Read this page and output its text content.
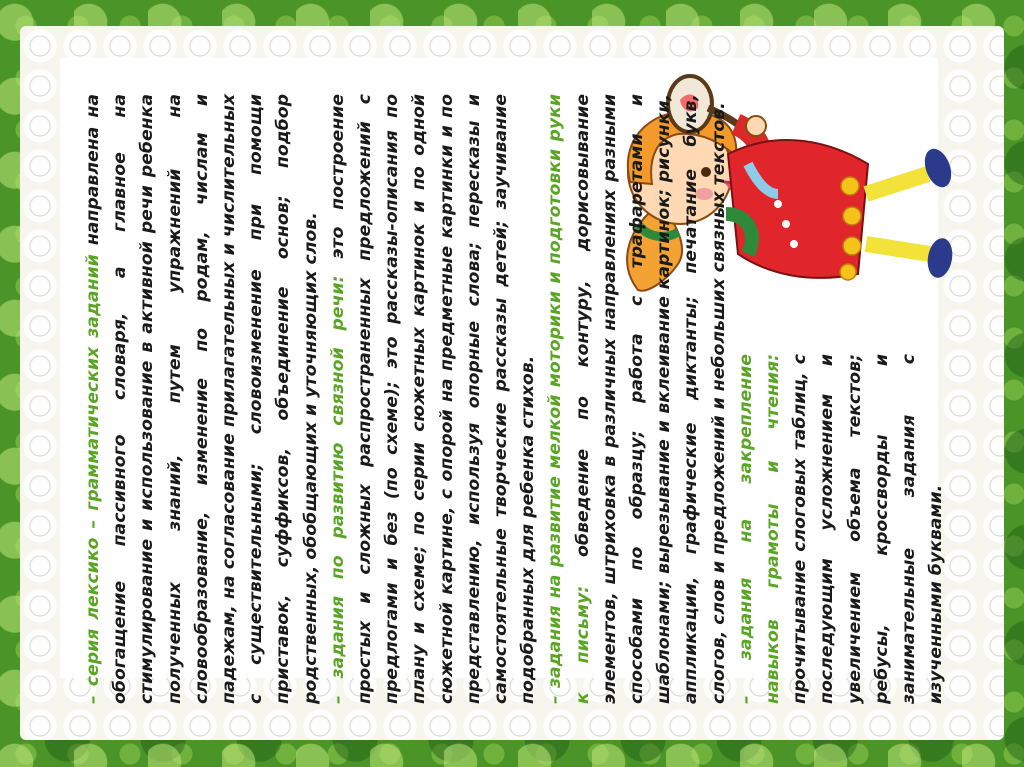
– серия лексико – грамматических заданий направлена на обогащение пассивного словаря, а главное на стимулирование и использование в активной речи ребенка полученных знаний, путем упражнений на словообразование, изменение по родам, числам и падежам, на согласование прилагательных и числительных с существительными; словоизменение при помощи приставок, суффиксов, объединение основ; подбор родственных, обобщающих и уточняющих слов. – задания по развитию связной речи: это построение простых и сложных распространенных предложений с предлогами и без (по схеме); это рассказы-описания по плану и схеме; по серии сюжетных картинок и по одной сюжетной картине, с опорой на предметные картинки и по представлению, используя опорные слова; пересказы и самостоятельные творческие рассказы детей; заучивание подобранных для ребенка стихов. – задания на развитие мелкой моторики и подготовки руки к письму: обведение по контуру, дорисовывание элементов, штриховка в различных направлениях разными способами по образцу; работа с трафаретами и шаблонами; вырезывание и вклеивание картинок; рисунки, аппликации, графические диктанты; печатание букв, слогов, слов и предложений и небольших связных текстов. – задания на закрепление навыков грамоты и чтения: прочитывание слоговых таблиц, с последующим усложнением и увеличением объема текстов; ребусы, кроссворды и занимательные задания с изученными буквами.
